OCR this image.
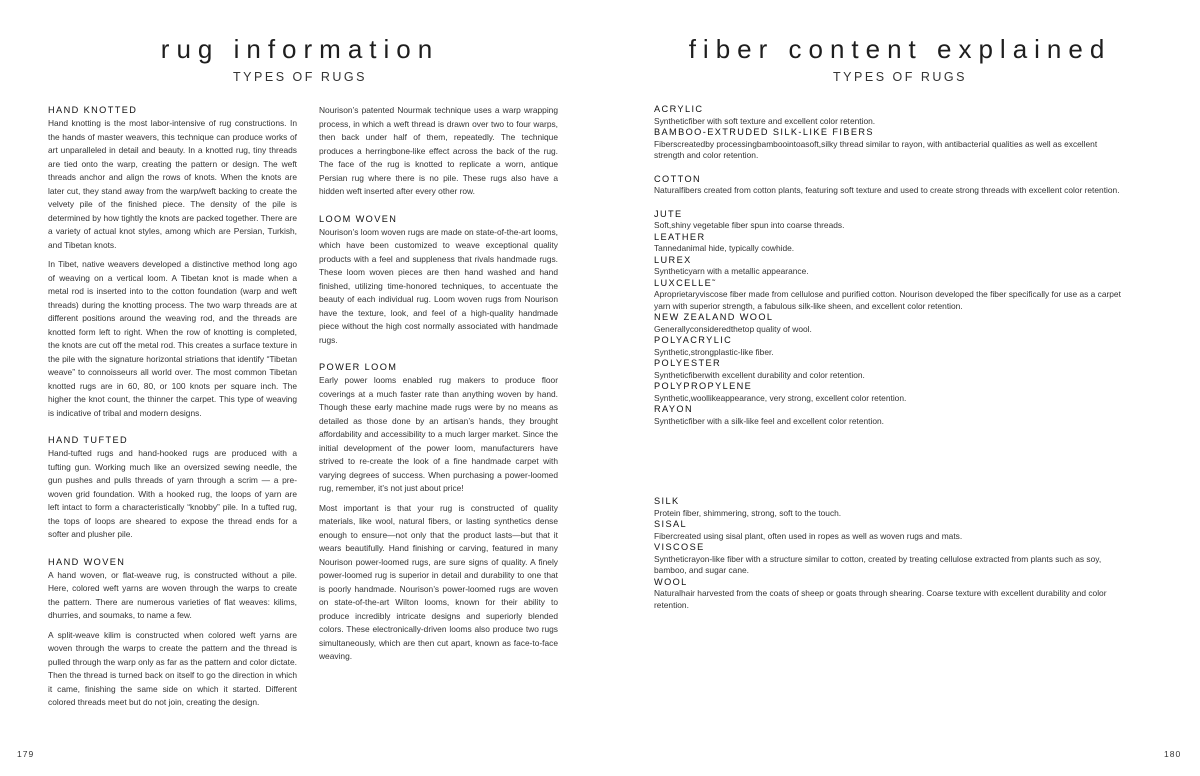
rug information
TYPES OF RUGS
fiber content explained
TYPES OF RUGS
HAND KNOTTED

Hand knotting is the most labor-intensive of rug constructions. In the hands of master weavers, this technique can produce works of art unparalleled in detail and beauty. In a knotted rug, tiny threads are tied onto the warp, creating the pattern or design. The weft threads anchor and align the rows of knots. When the knots are later cut, they stand away from the warp/weft backing to create the velvety pile of the finished piece. The density of the pile is determined by how tightly the knots are packed together. There are a variety of actual knot styles, among which are Persian, Turkish, and Tibetan knots.

In Tibet, native weavers developed a distinctive method long ago of weaving on a vertical loom. A Tibetan knot is made when a metal rod is inserted into to the cotton foundation (warp and weft threads) during the knotting process. The two warp threads are at different positions around the weaving rod, and the threads are knotted form left to right. When the row of knotting is completed, the knots are cut off the metal rod. This creates a surface texture in the pile with the signature horizontal striations that identify “Tibetan weave” to connoisseurs all world over. The most common Tibetan knotted rugs are in 60, 80, or 100 knots per square inch. The higher the knot count, the thinner the carpet. This type of weaving is indicative of tribal and modern designs.

HAND TUFTED

Hand-tufted rugs and hand-hooked rugs are produced with a tufting gun. Working much like an oversized sewing needle, the gun pushes and pulls threads of yarn through a scrim — a pre-woven grid foundation. With a hooked rug, the loops of yarn are left intact to form a characteristically “knobby” pile. In a tufted rug, the tops of loops are sheared to expose the thread ends for a softer and plusher pile.

HAND WOVEN

A hand woven, or flat-weave rug, is constructed without a pile. Here, colored weft yarns are woven through the warps to create the pattern. There are numerous varieties of flat weaves: kilims, dhurries, and soumaks, to name a few.

A split-weave kilim is constructed when colored weft yarns are woven through the warps to create the pattern and the thread is pulled through the warp only as far as the pattern and color dictate. Then the thread is turned back on itself to go the direction in which it came, finishing the same side on which it started. Different colored threads meet but do not join, creating the design.

Nourison’s patented Nourmak technique uses a warp wrapping process, in which a weft thread is drawn over two to four warps, then back under half of them, repeatedly. The technique produces a herringbone-like effect across the back of the rug. The face of the rug is knotted to replicate a worn, antique Persian rug where there is no pile. These rugs also have a hidden weft inserted after every other row.

LOOM WOVEN

Nourison’s loom woven rugs are made on state-of-the-art looms, which have been customized to weave exceptional quality products with a feel and suppleness that rivals handmade rugs. These loom woven pieces are then hand washed and hand finished, utilizing time-honored techniques, to accentuate the beauty of each individual rug. Loom woven rugs from Nourison have the texture, look, and feel of a high-quality handmade piece without the high cost normally associated with handmade rugs.

POWER LOOM

Early power looms enabled rug makers to produce floor coverings at a much faster rate than anything woven by hand. Though these early machine made rugs were by no means as detailed as those done by an artisan’s hands, they brought affordability and accessibility to a much larger market. Since the initial development of the power loom, manufacturers have strived to re-create the look of a fine handmade carpet with varying degrees of success. When purchasing a power-loomed rug, remember, it’s not just about price!

Most important is that your rug is constructed of quality materials, like wool, natural fibers, or lasting synthetics dense enough to ensure—not only that the product lasts—but that it wears beautifully. Hand finishing or carving, featured in many Nourison power-loomed rugs, are sure signs of quality. A finely power-loomed rug is superior in detail and durability to one that is poorly handmade. Nourison’s power-loomed rugs are woven on state-of-the-art Wilton looms, known for their ability to produce incredibly intricate designs and superiorly blended colors. These electronically-driven looms also produce two rugs simultaneously, which are then cut apart, known as face-to-face weaving.

ACRYLIC
Syntheticfiber with soft texture and excellent color retention.
BAMBOO-EXTRUDED SILK-LIKE FIBERS
Fiberscreatedby processingbambooіntoasoft,silky thread similar to rayon, with antibacterial qualities as well as excellent strength and color retention.
COTTON
Naturalfibers created from cotton plants, featuring soft texture and used to create strong threads with excellent color retention.
JUTE
Soft,shiny vegetable fiber spun into coarse threads.
LEATHER
Tannedanimal hide, typically cowhide.
LUREX
Syntheticyarn with a metallic appearance.
LUXCELLE˜
Aproprietaryviscose fiber made from cellulose and purified cotton. Nourison developed the fiber specifically for use as a carpet yarn with superior strength, a fabulous silk-like sheen, and excellent color retention.
NEW ZEALAND WOOL
Generallyconsideredthetop quality of wool.
POLYACRYLIC
Synthetic,strongplastic-like fiber.
POLYESTER
Syntheticfiberwith excellent durability and color retention.
POLYPROPYLENE
Synthetic,woollikeappearance, very strong, excellent color retention.
RAYON
Syntheticfiber with a silk-like feel and excellent color retention.
SILK
Protein fiber, shimmering, strong, soft to the touch.
SISAL
Fibercreated using sisal plant, often used in ropes as well as woven rugs and mats.
VISCOSE
Syntheticrayon-like fiber with a structure similar to cotton, created by treating cellulose extracted from plants such as soy, bamboo, and sugar cane.
WOOL
Naturalhair harvested from the coats of sheep or goats through shearing. Coarse texture with excellent durability and color retention.
179	180
